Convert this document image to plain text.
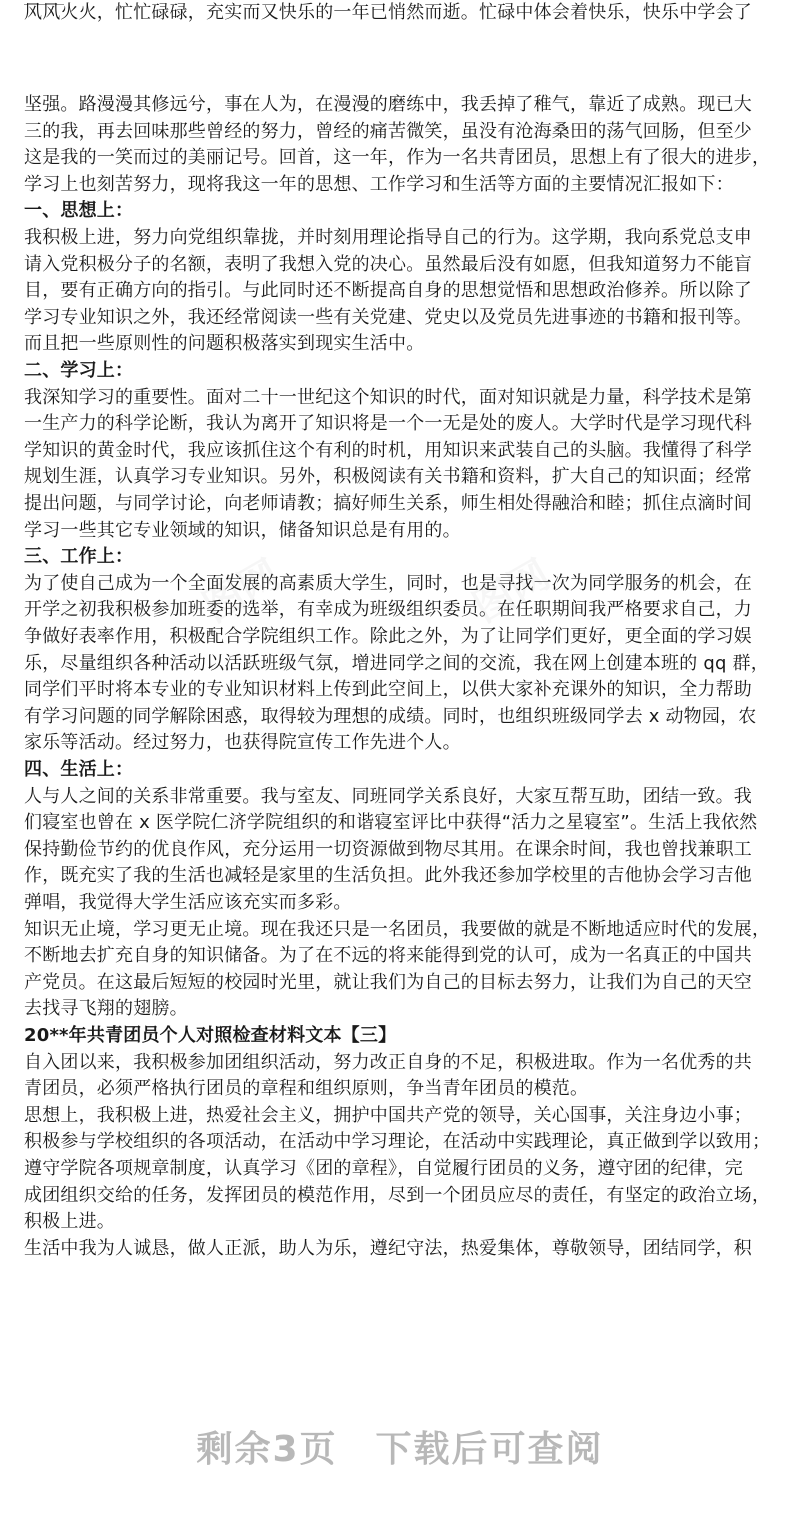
图网	图网
风风火火，忙忙碌碌，充实而又快乐的一年已悄然而逝。忙碌中体会着快乐，快乐中学会了
坚强。路漫漫其修远兮，事在人为，在漫漫的磨练中，我丢掉了稚气，靠近了成熟。现已大
三的我，再去回味那些曾经的努力，曾经的痛苦微笑，虽没有沧海桑田的荡气回肠，但至少
这是我的一笑而过的美丽记号。回首，这一年，作为一名共青团员，思想上有了很大的进步，
学习上也刻苦努力，现将我这一年的思想、工作学习和生活等方面的主要情况汇报如下：
一、思想上：
我积极上进，努力向党组织靠拢，并时刻用理论指导自己的行为。这学期，我向系党总支申
请入党积极分子的名额，表明了我想入党的决心。虽然最后没有如愿，但我知道努力不能盲
目，要有正确方向的指引。与此同时还不断提高自身的思想觉悟和思想政治修养。所以除了
学习专业知识之外，我还经常阅读一些有关党建、党史以及党员先进事迹的书籍和报刊等。
而且把一些原则性的问题积极落实到现实生活中。
二、学习上：
我深知学习的重要性。面对二十一世纪这个知识的时代，面对知识就是力量，科学技术是第
一生产力的科学论断，我认为离开了知识将是一个一无是处的废人。大学时代是学习现代科
学知识的黄金时代，我应该抓住这个有利的时机，用知识来武装自己的头脑。我懂得了科学
规划生涯，认真学习专业知识。另外，积极阅读有关书籍和资料，扩大自己的知识面；经常
提出问题，与同学讨论，向老师请教；搞好师生关系，师生相处得融洽和睦；抓住点滴时间
学习一些其它专业领域的知识，储备知识总是有用的。
三、工作上：
为了使自己成为一个全面发展的高素质大学生，同时，也是寻找一次为同学服务的机会，在
开学之初我积极参加班委的选举，有幸成为班级组织委员。在任职期间我严格要求自己，力
争做好表率作用，积极配合学院组织工作。除此之外，为了让同学们更好，更全面的学习娱
乐，尽量组织各种活动以活跃班级气氛，增进同学之间的交流，我在网上创建本班的 qq 群，
同学们平时将本专业的专业知识材料上传到此空间上，以供大家补充课外的知识，全力帮助
有学习问题的同学解除困惑，取得较为理想的成绩。同时，也组织班级同学去 x 动物园，农
家乐等活动。经过努力，也获得院宣传工作先进个人。
四、生活上：
人与人之间的关系非常重要。我与室友、同班同学关系良好，大家互帮互助，团结一致。我
们寝室也曾在 x 医学院仁济学院组织的和谐寝室评比中获得“活力之星寝室”。生活上我依然
保持勤俭节约的优良作风，充分运用一切资源做到物尽其用。在课余时间，我也曾找兼职工
作，既充实了我的生活也减轻是家里的生活负担。此外我还参加学校里的吉他协会学习吉他
弹唱，我觉得大学生活应该充实而多彩。
知识无止境，学习更无止境。现在我还只是一名团员，我要做的就是不断地适应时代的发展，
不断地去扩充自身的知识储备。为了在不远的将来能得到党的认可，成为一名真正的中国共
产党员。在这最后短短的校园时光里，就让我们为自己的目标去努力，让我们为自己的天空
去找寻飞翔的翅膀。
20**年共青团员个人对照检查材料文本【三】
自入团以来，我积极参加团组织活动，努力改正自身的不足，积极进取。作为一名优秀的共
青团员，必须严格执行团员的章程和组织原则，争当青年团员的模范。
思想上，我积极上进，热爱社会主义，拥护中国共产党的领导，关心国事，关注身边小事；
积极参与学校组织的各项活动，在活动中学习理论，在活动中实践理论，真正做到学以致用；
遵守学院各项规章制度，认真学习《团的章程》，自觉履行团员的义务，遵守团的纪律，完
成团组织交给的任务，发挥团员的模范作用，尽到一个团员应尽的责任，有坚定的政治立场，
积极上进。
生活中我为人诚恳，做人正派，助人为乐，遵纪守法，热爱集体，尊敬领导，团结同学，积
剩余3页　下载后可查阅
